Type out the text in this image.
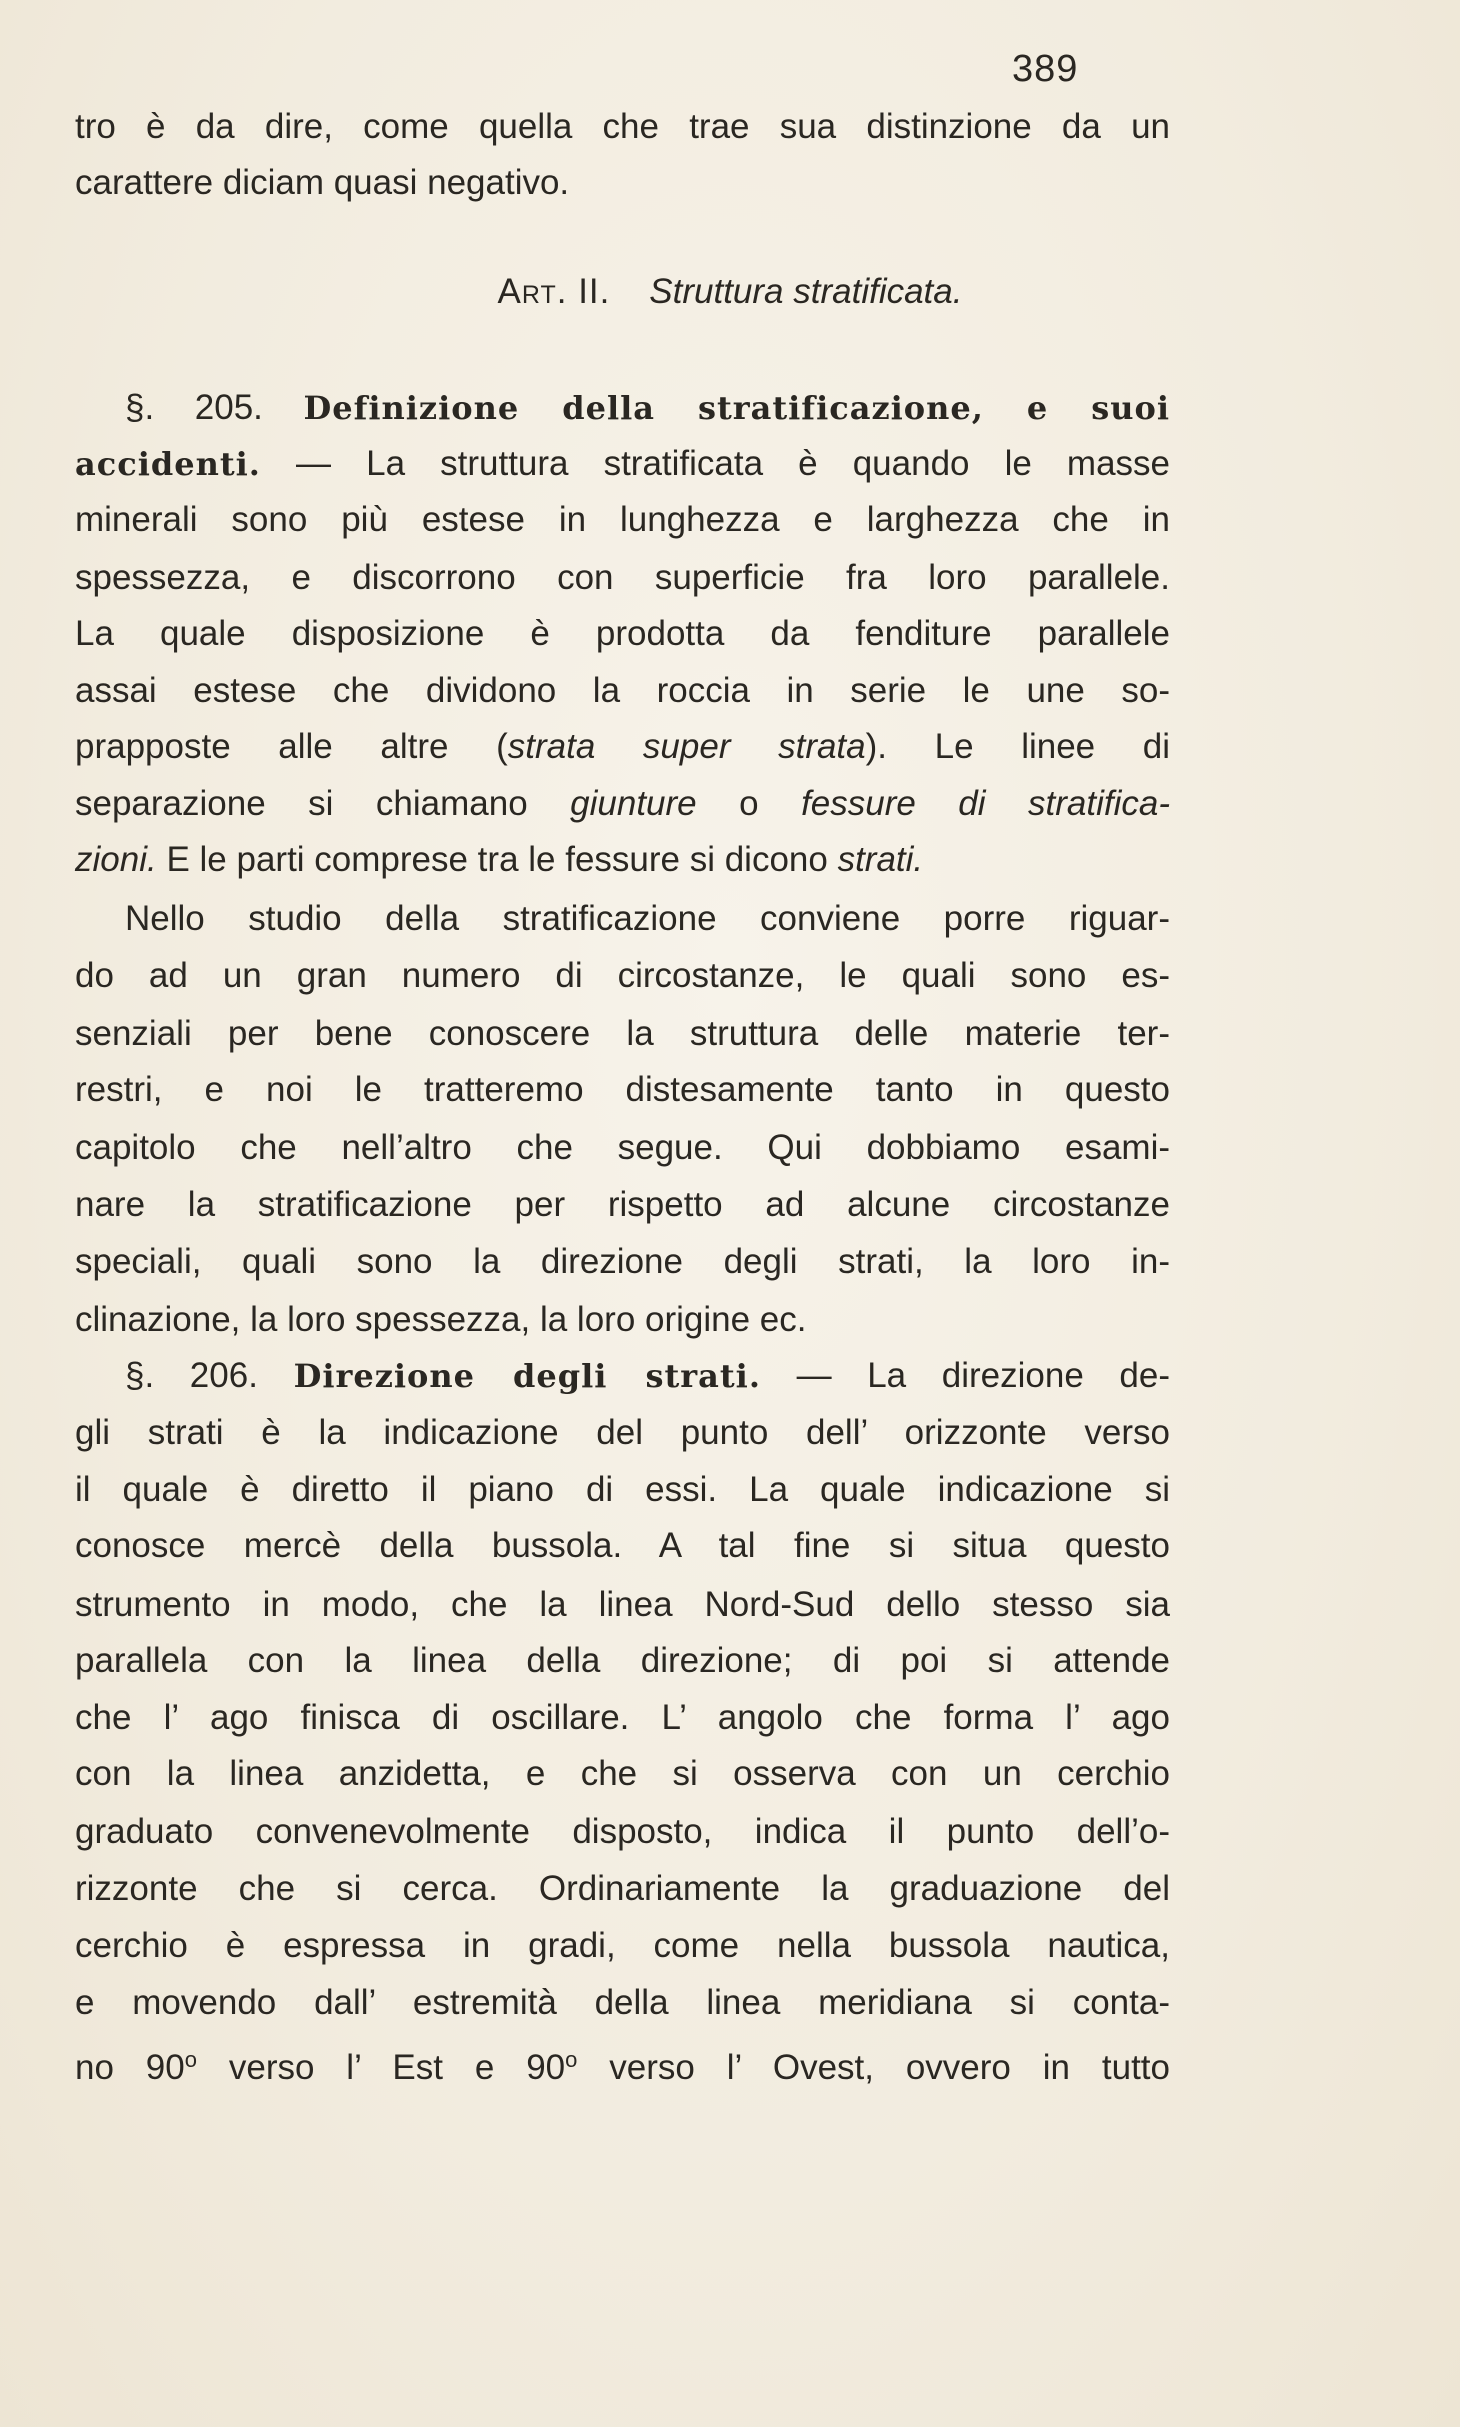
389
Art. II. Struttura stratificata.
tro è da dire, come quella che trae sua distinzione da un
carattere diciam quasi negativo.
§. 205. Definizione della stratificazione, e suoi
accidenti. — La struttura stratificata è quando le masse
minerali sono più estese in lunghezza e larghezza che in
spessezza, e discorrono con superficie fra loro parallele.
La quale disposizione è prodotta da fenditure parallele
assai estese che dividono la roccia in serie le une so-
prapposte alle altre (strata super strata). Le linee di
separazione si chiamano giunture o fessure di stratifica-
zioni. E le parti comprese tra le fessure si dicono strati.
Nello studio della stratificazione conviene porre riguar-
do ad un gran numero di circostanze, le quali sono es-
senziali per bene conoscere la struttura delle materie ter-
restri, e noi le tratteremo distesamente tanto in questo
capitolo che nell’altro che segue. Qui dobbiamo esami-
nare la stratificazione per rispetto ad alcune circostanze
speciali, quali sono la direzione degli strati, la loro in-
clinazione, la loro spessezza, la loro origine ec.
§. 206. Direzione degli strati. — La direzione de-
gli strati è la indicazione del punto dell’ orizzonte verso
il quale è diretto il piano di essi. La quale indicazione si
conosce mercè della bussola. A tal fine si situa questo
strumento in modo, che la linea Nord-Sud dello stesso sia
parallela con la linea della direzione; di poi si attende
che l’ ago finisca di oscillare. L’ angolo che forma l’ ago
con la linea anzidetta, e che si osserva con un cerchio
graduato convenevolmente disposto, indica il punto dell’o-
rizzonte che si cerca. Ordinariamente la graduazione del
cerchio è espressa in gradi, come nella bussola nautica,
e movendo dall’ estremità della linea meridiana si conta-
no 90$^o$ verso l’ Est e 90$^o$ verso l’ Ovest, ovvero in tutto
